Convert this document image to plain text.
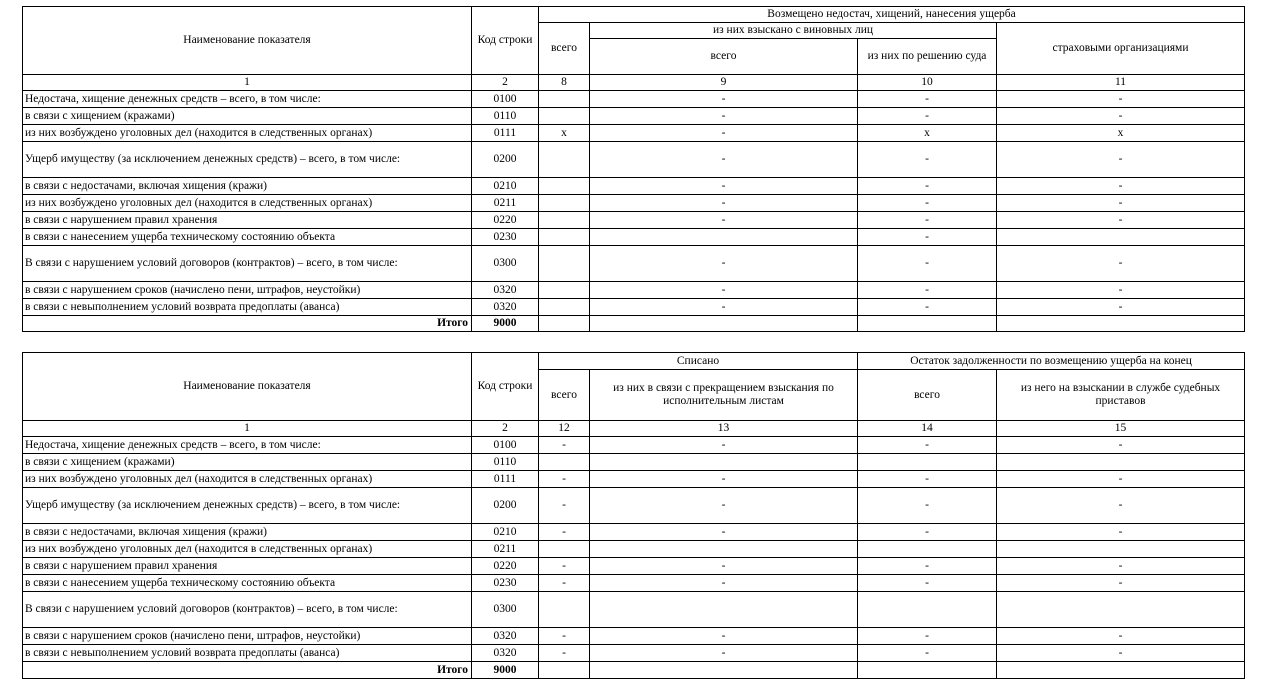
Наименование показателя	Код строки	Возмещено недостач, хищений, нанесения ущерба			
		всего	из них взыскано с виновных лиц		страховыми организациями
			всего	из них по решению суда	
1	2	8	9	10	11
Недостача, хищение денежных средств – всего, в том числе:	0100		-	-	-
в связи с хищением (кражами)	0110		-	-	-
из них возбуждено уголовных дел (находится в следственных органах)	0111	x	-	x	x
Ущерб имуществу (за исключением денежных средств) – всего, в том числе:	0200		-	-	-
в связи с недостачами, включая хищения (кражи)	0210		-	-	-
из них возбуждено уголовных дел (находится в следственных органах)	0211		-	-	-
в связи с нарушением правил хранения	0220		-	-	-
в связи с нанесением ущерба техническому состоянию объекта	0230			-	
В связи с нарушением условий договоров (контрактов) – всего, в том числе:	0300		-	-	-
в связи с нарушением сроков (начислено пени, штрафов, неустойки)	0320		-	-	-
в связи с невыполнением условий возврата предоплаты (аванса)	0320		-	-	-
Итого	9000				
Наименование показателя	Код строки	Списано		Остаток задолженности по возмещению ущерба на конец	
		всего	из них в связи с прекращением взыскания по исполнительным листам	всего	из него на взыскании в службе судебных приставов
1	2	12	13	14	15
Недостача, хищение денежных средств – всего, в том числе:	0100	-	-	-	-
в связи с хищением (кражами)	0110				
из них возбуждено уголовных дел (находится в следственных органах)	0111	-	-	-	-
Ущерб имуществу (за исключением денежных средств) – всего, в том числе:	0200	-	-	-	-
в связи с недостачами, включая хищения (кражи)	0210	-	-	-	-
из них возбуждено уголовных дел (находится в следственных органах)	0211				
в связи с нарушением правил хранения	0220	-	-	-	-
в связи с нанесением ущерба техническому состоянию объекта	0230	-	-	-	-
В связи с нарушением условий договоров (контрактов) – всего, в том числе:	0300				
в связи с нарушением сроков (начислено пени, штрафов, неустойки)	0320	-	-	-	-
в связи с невыполнением условий возврата предоплаты (аванса)	0320	-	-	-	-
Итого	9000				
